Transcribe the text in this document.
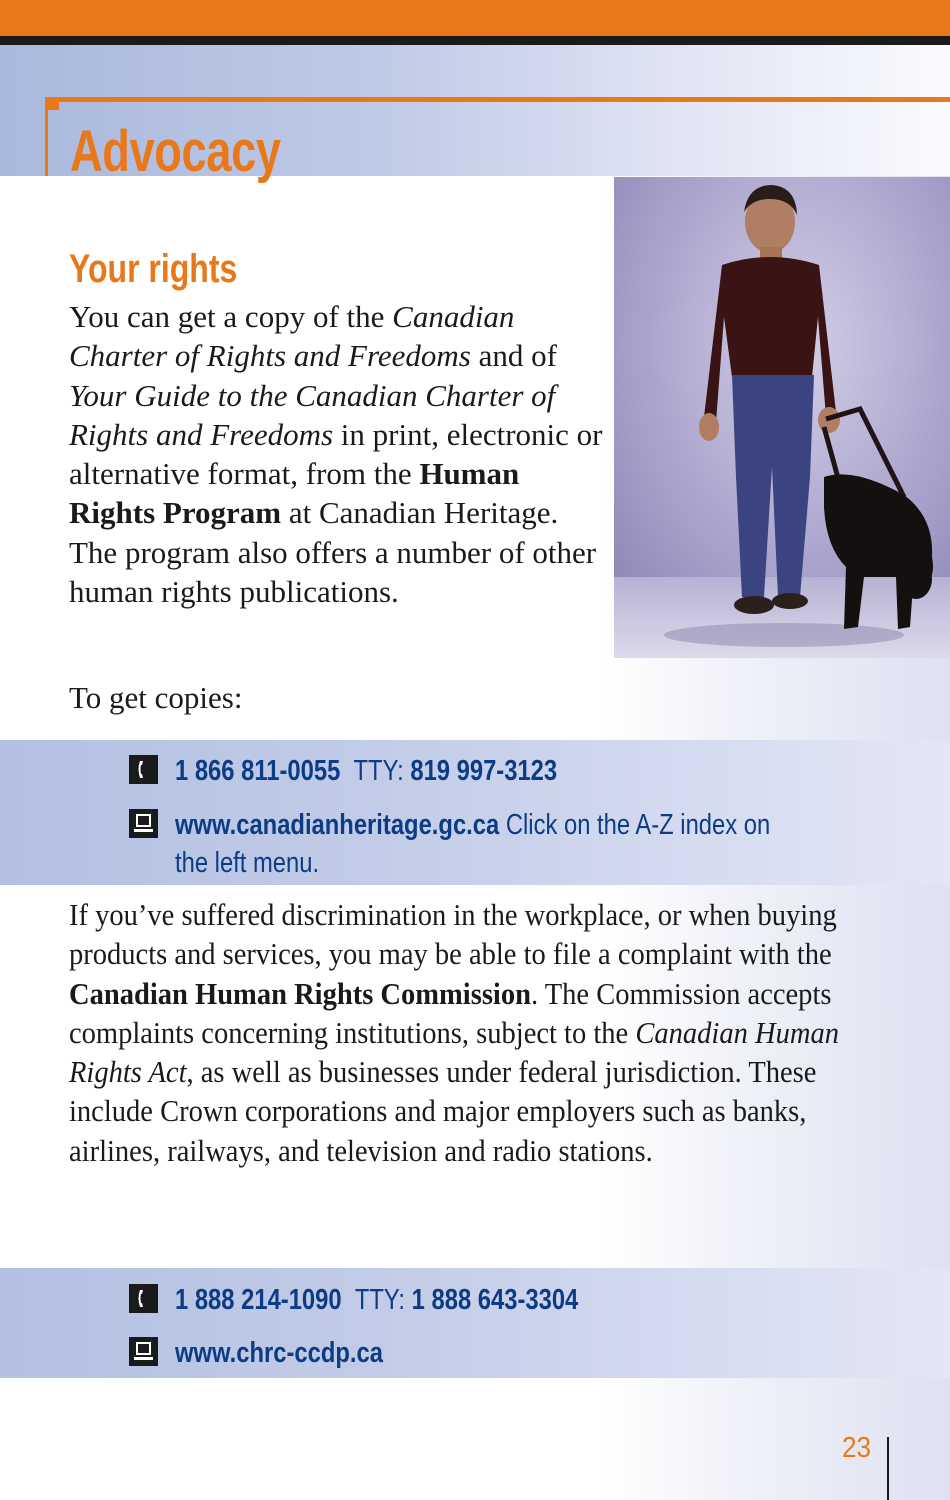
Advocacy
Your rights

You can get a copy of the Canadian Charter of Rights and Freedoms and of Your Guide to the Canadian Charter of Rights and Freedoms in print, electronic or alternative format, from the Human Rights Program at Canadian Heritage. The program also offers a number of other human rights publications.

To get copies:

1 866 811-0055 TTY: 819 997-3123
www.canadianheritage.gc.ca Click on the A-Z index on the left menu.

If you’ve suffered discrimination in the workplace, or when buying products and services, you may be able to file a complaint with the Canadian Human Rights Commission. The Commission accepts complaints concerning institutions, subject to the Canadian Human Rights Act, as well as businesses under federal jurisdiction. These include Crown corporations and major employers such as banks, airlines, railways, and television and radio stations.

1 888 214-1090 TTY: 1 888 643-3304
www.chrc-ccdp.ca
23
